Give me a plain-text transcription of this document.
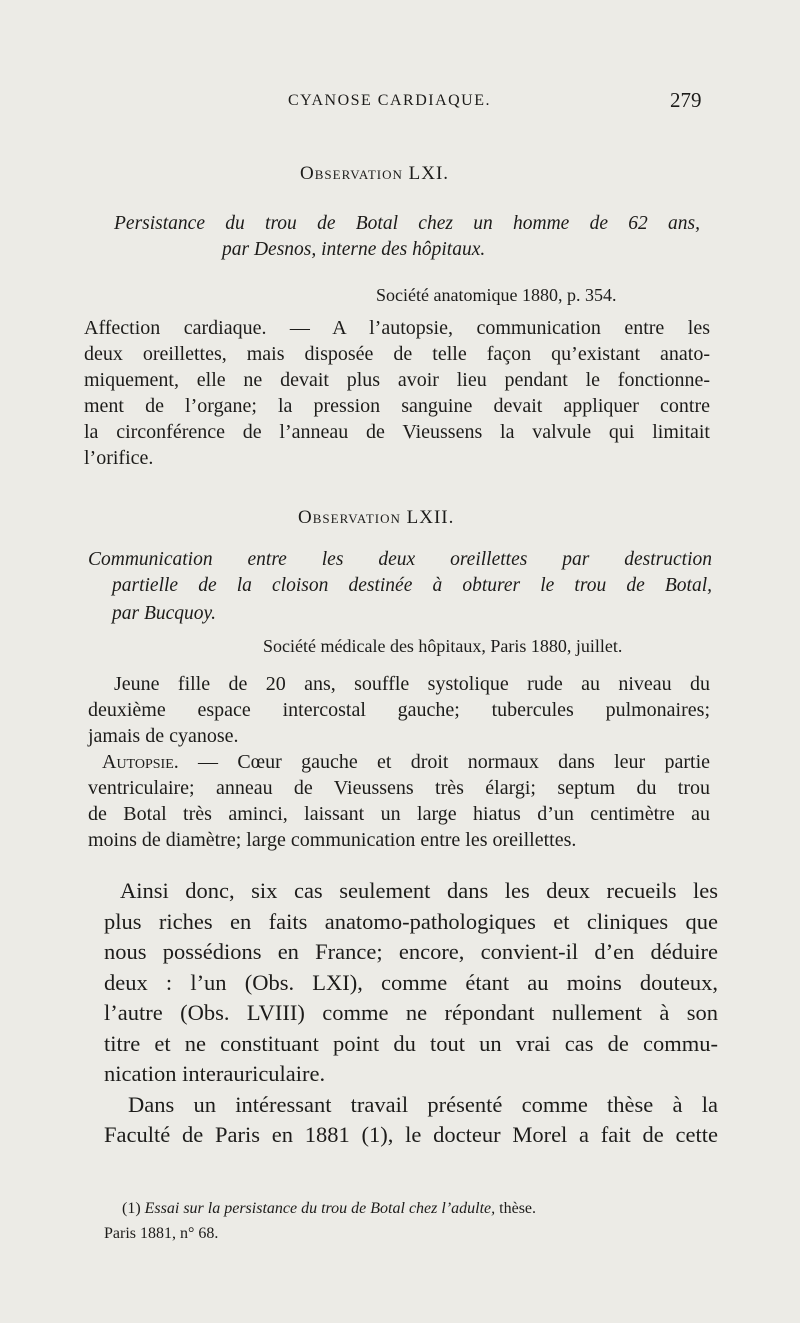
CYANOSE CARDIAQUE.	279
Observation LXI.
Persistance du trou de Botal chez un homme de 62 ans,
par Desnos, interne des hôpitaux.
Société anatomique 1880, p. 354.
Affection cardiaque. — A l’autopsie, communication entre les
deux oreillettes, mais disposée de telle façon qu’existant anato-
miquement, elle ne devait plus avoir lieu pendant le fonctionne-
ment de l’organe; la pression sanguine devait appliquer contre
la circonférence de l’anneau de Vieussens la valvule qui limitait
l’orifice.
Observation LXII.
Communication entre les deux oreillettes par destruction
partielle de la cloison destinée à obturer le trou de Botal,
par Bucquoy.
Société médicale des hôpitaux, Paris 1880, juillet.
Jeune fille de 20 ans, souffle systolique rude au niveau du
deuxième espace intercostal gauche; tubercules pulmonaires;
jamais de cyanose.
Autopsie. — Cœur gauche et droit normaux dans leur partie
ventriculaire; anneau de Vieussens très élargi; septum du trou
de Botal très aminci, laissant un large hiatus d’un centimètre au
moins de diamètre; large communication entre les oreillettes.
Ainsi donc, six cas seulement dans les deux recueils les
plus riches en faits anatomo-pathologiques et cliniques que
nous possédions en France; encore, convient-il d’en déduire
deux : l’un (Obs. LXI), comme étant au moins douteux,
l’autre (Obs. LVIII) comme ne répondant nullement à son
titre et ne constituant point du tout un vrai cas de commu-
nication interauriculaire.
Dans un intéressant travail présenté comme thèse à la
Faculté de Paris en 1881 (1), le docteur Morel a fait de cette
(1) Essai sur la persistance du trou de Botal chez l’adulte, thèse.
Paris 1881, n° 68.
